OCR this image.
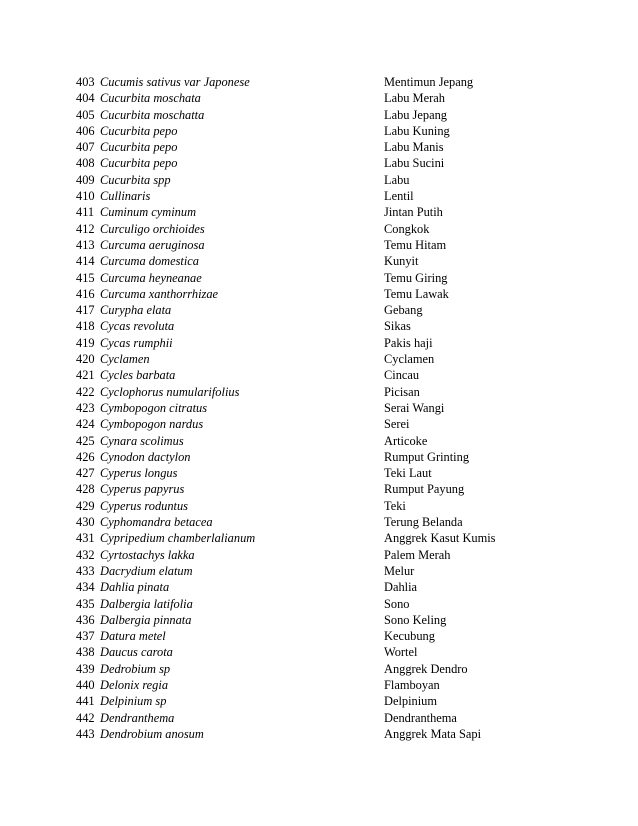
403 Cucumis sativus var Japonese	Mentimun Jepang
404 Cucurbita moschata	Labu Merah
405 Cucurbita moschatta	Labu Jepang
406 Cucurbita pepo	Labu Kuning
407 Cucurbita pepo	Labu Manis
408 Cucurbita pepo	Labu Sucini
409 Cucurbita spp	Labu
410 Cullinaris	Lentil
411 Cuminum cyminum	Jintan Putih
412 Curculigo orchioides	Congkok
413 Curcuma aeruginosa	Temu Hitam
414 Curcuma domestica	Kunyit
415 Curcuma heyneanae	Temu Giring
416 Curcuma xanthorrhizae	Temu Lawak
417 Curypha elata	Gebang
418 Cycas revoluta	Sikas
419 Cycas rumphii	Pakis haji
420 Cyclamen	Cyclamen
421 Cycles barbata	Cincau
422 Cyclophorus numularifolius	Picisan
423 Cymbopogon citratus	Serai Wangi
424 Cymbopogon nardus	Serei
425 Cynara scolimus	Articoke
426 Cynodon dactylon	Rumput Grinting
427 Cyperus longus	Teki Laut
428 Cyperus papyrus	Rumput Payung
429 Cyperus roduntus	Teki
430 Cyphomandra betacea	Terung Belanda
431 Cypripedium chamberlalianum	Anggrek Kasut Kumis
432 Cyrtostachys lakka	Palem Merah
433 Dacrydium elatum	Melur
434 Dahlia pinata	Dahlia
435 Dalbergia latifolia	Sono
436 Dalbergia pinnata	Sono Keling
437 Datura metel	Kecubung
438 Daucus carota	Wortel
439 Dedrobium sp	Anggrek Dendro
440 Delonix regia	Flamboyan
441 Delpinium sp	Delpinium
442 Dendranthema	Dendranthema
443 Dendrobium anosum	Anggrek Mata Sapi
